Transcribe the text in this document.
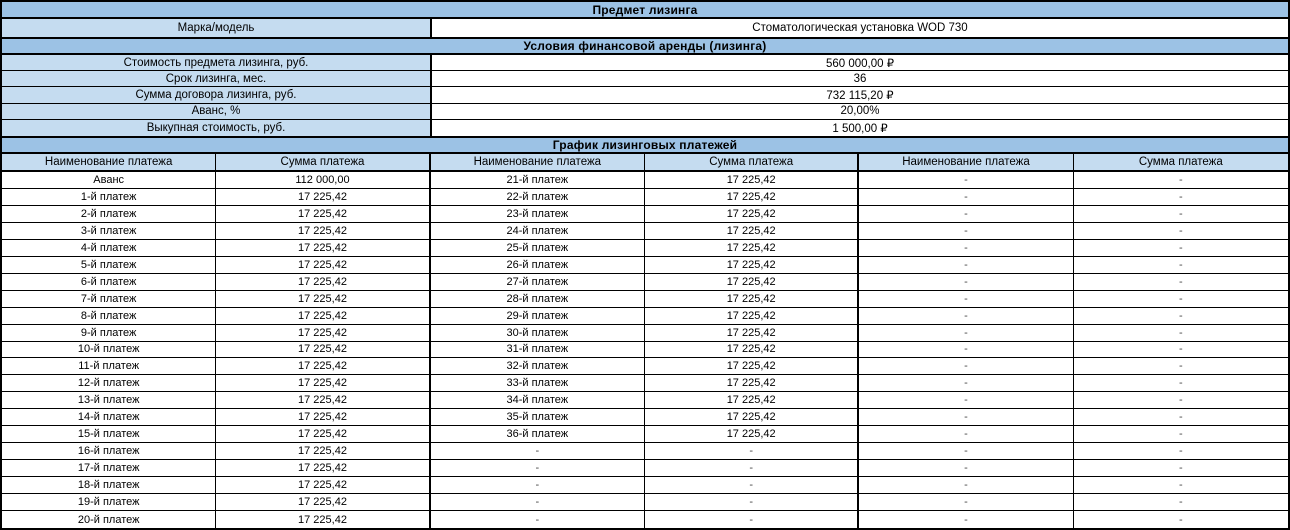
Предмет лизинга
Марка/модель	Стоматологическая установка WOD 730
Условия финансовой аренды (лизинга)
Стоимость предмета лизинга, руб.	560 000,00 ₽
Срок лизинга, мес.	36
Сумма договора лизинга, руб.	732 115,20 ₽
Аванс, %	20,00%
Выкупная стоимость, руб.	1 500,00 ₽
График лизинговых платежей
Наименование платежа	Сумма платежа	Наименование платежа	Сумма платежа	Наименование платежа	Сумма платежа
Аванс	112 000,00	21-й платеж	17 225,42	-	-
1-й платеж	17 225,42	22-й платеж	17 225,42	-	-
2-й платеж	17 225,42	23-й платеж	17 225,42	-	-
3-й платеж	17 225,42	24-й платеж	17 225,42	-	-
4-й платеж	17 225,42	25-й платеж	17 225,42	-	-
5-й платеж	17 225,42	26-й платеж	17 225,42	-	-
6-й платеж	17 225,42	27-й платеж	17 225,42	-	-
7-й платеж	17 225,42	28-й платеж	17 225,42	-	-
8-й платеж	17 225,42	29-й платеж	17 225,42	-	-
9-й платеж	17 225,42	30-й платеж	17 225,42	-	-
10-й платеж	17 225,42	31-й платеж	17 225,42	-	-
11-й платеж	17 225,42	32-й платеж	17 225,42	-	-
12-й платеж	17 225,42	33-й платеж	17 225,42	-	-
13-й платеж	17 225,42	34-й платеж	17 225,42	-	-
14-й платеж	17 225,42	35-й платеж	17 225,42	-	-
15-й платеж	17 225,42	36-й платеж	17 225,42	-	-
16-й платеж	17 225,42	-	-	-	-
17-й платеж	17 225,42	-	-	-	-
18-й платеж	17 225,42	-	-	-	-
19-й платеж	17 225,42	-	-	-	-
20-й платеж	17 225,42	-	-	-	-
